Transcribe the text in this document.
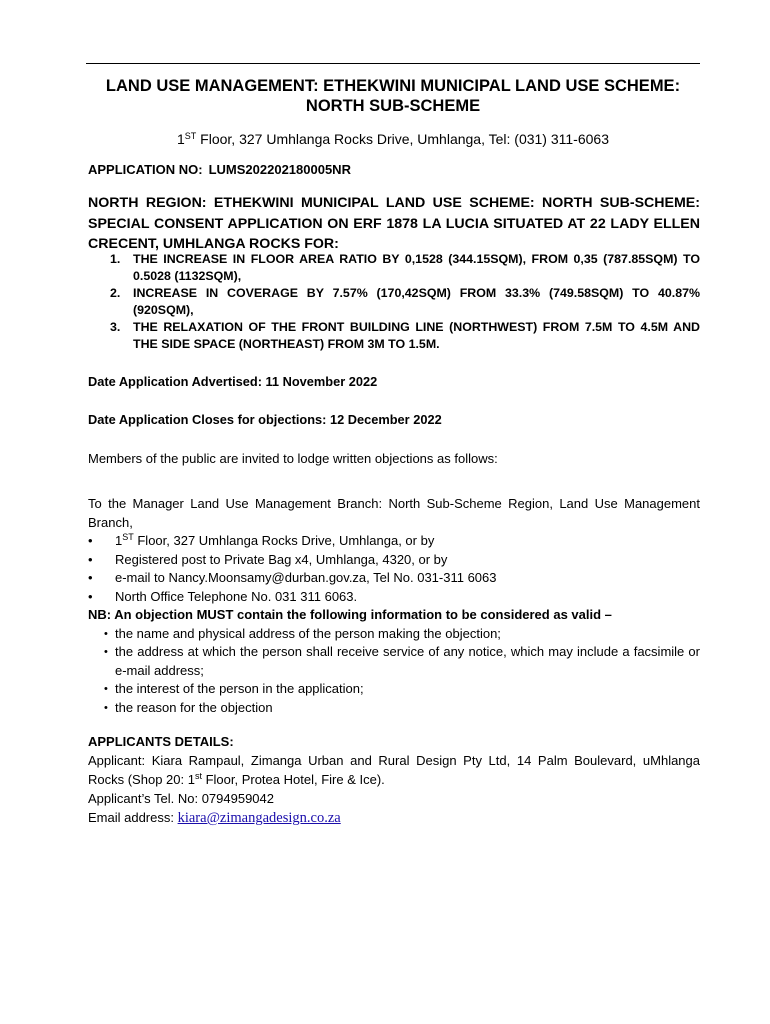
LAND USE MANAGEMENT: ETHEKWINI MUNICIPAL LAND USE SCHEME: NORTH SUB-SCHEME
1ST Floor, 327 Umhlanga Rocks Drive, Umhlanga, Tel: (031) 311-6063
APPLICATION NO: LUMS202202180005NR
NORTH REGION: ETHEKWINI MUNICIPAL LAND USE SCHEME: NORTH SUB-SCHEME: SPECIAL CONSENT APPLICATION ON ERF 1878 LA LUCIA SITUATED AT 22 LADY ELLEN CRECENT, UMHLANGA ROCKS FOR:
1. THE INCREASE IN FLOOR AREA RATIO BY 0,1528 (344.15SQM), FROM 0,35 (787.85SQM) TO 0.5028 (1132SQM),
2. INCREASE IN COVERAGE BY 7.57% (170,42SQM) FROM 33.3% (749.58SQM) TO 40.87% (920SQM),
3. THE RELAXATION OF THE FRONT BUILDING LINE (NORTHWEST) FROM 7.5M TO 4.5M AND THE SIDE SPACE (NORTHEAST) FROM 3M TO 1.5M.
Date Application Advertised: 11 November 2022
Date Application Closes for objections: 12 December 2022
Members of the public are invited to lodge written objections as follows:
To the Manager Land Use Management Branch: North Sub-Scheme Region, Land Use Management Branch,
• 1ST Floor, 327 Umhlanga Rocks Drive, Umhlanga, or by
• Registered post to Private Bag x4, Umhlanga, 4320, or by
• e-mail to Nancy.Moonsamy@durban.gov.za, Tel No. 031-311 6063
• North Office Telephone No. 031 311 6063.
NB: An objection MUST contain the following information to be considered as valid –
• the name and physical address of the person making the objection;
• the address at which the person shall receive service of any notice, which may include a facsimile or e-mail address;
• the interest of the person in the application;
• the reason for the objection
APPLICANTS DETAILS:
Applicant: Kiara Rampaul, Zimanga Urban and Rural Design Pty Ltd, 14 Palm Boulevard, uMhlanga Rocks (Shop 20: 1st Floor, Protea Hotel, Fire & Ice).
Applicant’s Tel. No: 0794959042
Email address: kiara@zimangadesign.co.za
